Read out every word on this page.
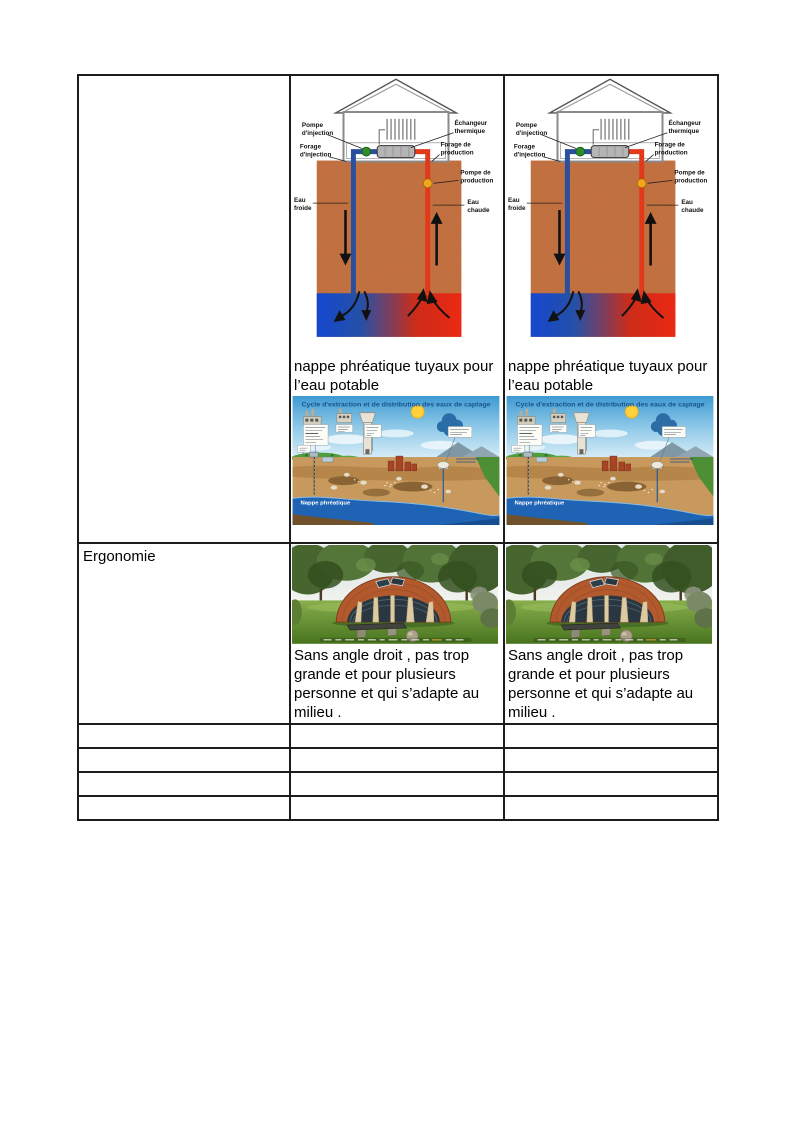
	nappe phréatique tuyaux pour l’eau potable	nappe phréatique tuyaux pour l’eau potable

Ergonomie	Sans angle droit , pas trop grande et pour plusieurs personne et qui s’adapte au milieu .	Sans angle droit , pas trop grande et pour plusieurs personne et qui s’adapte au milieu .
